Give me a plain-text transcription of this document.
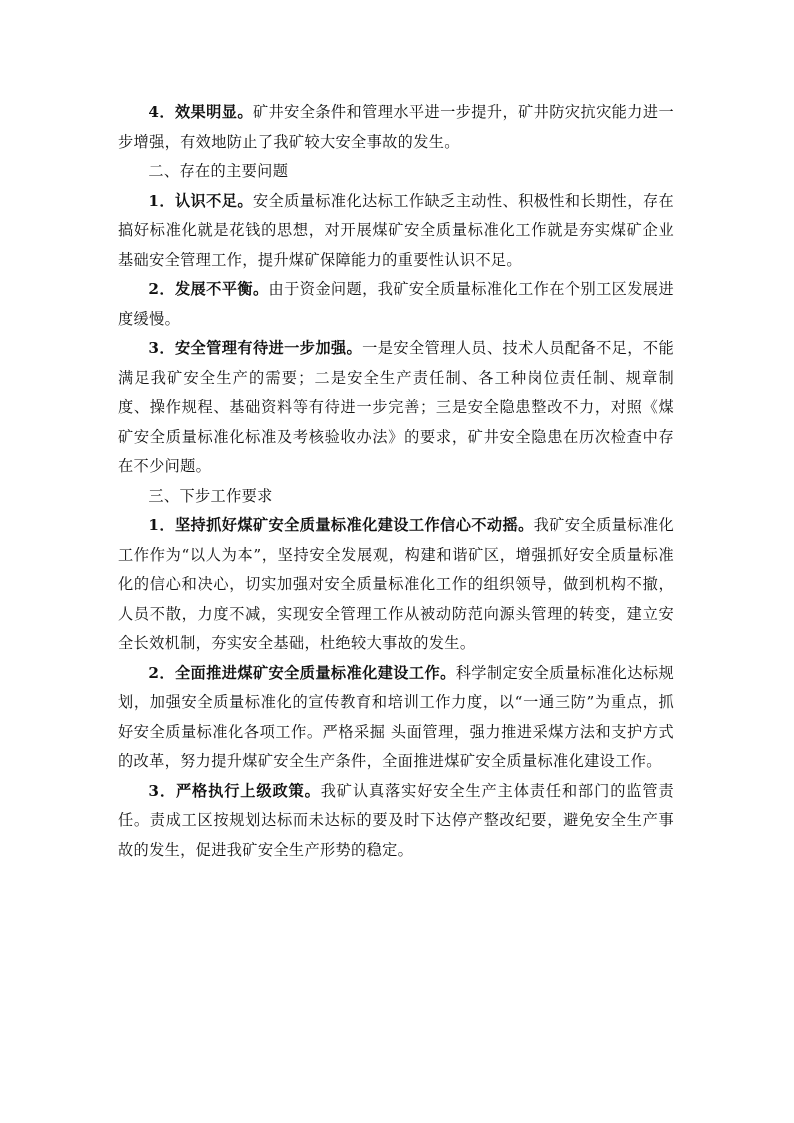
4．效果明显。矿井安全条件和管理水平进一步提升，矿井防灾抗灾能力进一步增强，有效地防止了我矿较大安全事故的发生。

二、存在的主要问题

1．认识不足。安全质量标准化达标工作缺乏主动性、积极性和长期性，存在搞好标准化就是花钱的思想，对开展煤矿安全质量标准化工作就是夯实煤矿企业基础安全管理工作，提升煤矿保障能力的重要性认识不足。

2．发展不平衡。由于资金问题，我矿安全质量标准化工作在个别工区发展进度缓慢。

3．安全管理有待进一步加强。一是安全管理人员、技术人员配备不足，不能满足我矿安全生产的需要；二是安全生产责任制、各工种岗位责任制、规章制度、操作规程、基础资料等有待进一步完善；三是安全隐患整改不力，对照《煤矿安全质量标准化标准及考核验收办法》的要求，矿井安全隐患在历次检查中存在不少问题。

三、下步工作要求

1．坚持抓好煤矿安全质量标准化建设工作信心不动摇。我矿安全质量标准化工作作为“以人为本”，坚持安全发展观，构建和谐矿区，增强抓好安全质量标准化的信心和决心，切实加强对安全质量标准化工作的组织领导，做到机构不撤，人员不散，力度不减，实现安全管理工作从被动防范向源头管理的转变，建立安全长效机制，夯实安全基础，杜绝较大事故的发生。

2．全面推进煤矿安全质量标准化建设工作。科学制定安全质量标准化达标规划，加强安全质量标准化的宣传教育和培训工作力度，以“一通三防”为重点，抓好安全质量标准化各项工作。严格采掘 头面管理，强力推进采煤方法和支护方式的改革，努力提升煤矿安全生产条件，全面推进煤矿安全质量标准化建设工作。

3．严格执行上级政策。我矿认真落实好安全生产主体责任和部门的监管责任。责成工区按规划达标而未达标的要及时下达停产整改纪要，避免安全生产事故的发生，促进我矿安全生产形势的稳定。
